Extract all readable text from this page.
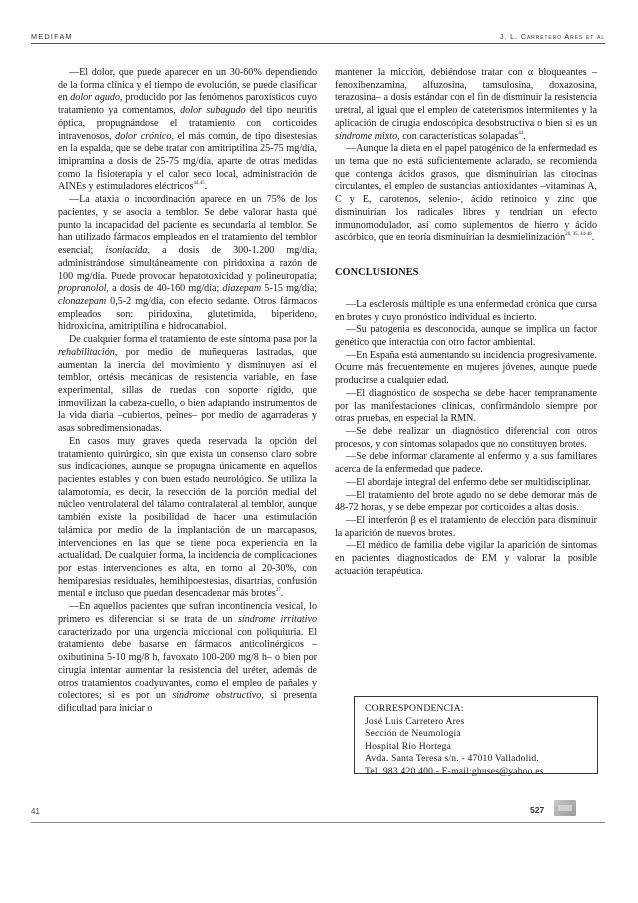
MEDIFAM	J. L. Carretero Ares et al

—El dolor, que puede aparecer en un 30-60% dependiendo de la forma clínica y el tiempo de evolución, se puede clasificar en dolor agudo, producido por las fenómenos paroxísticos cuyo tratamiento ya comentamos, dolor subagudo del tipo neuritis óptica, propugnándose el tratamiento con corticoides intravenosos, dolor crónico, el más común, de tipo disestesias en la espalda, que se debe tratar con amitriptilina 25-75 mg/día, imipramina a dosis de 25-75 mg/día, aparte de otras medidas como la fisioterapia y el calor seco local, administración de AINEs y estimuladores eléctricos$^{44,45}$.

—La ataxia o incoordinación aparece en un 75% de los pacientes, y se asocia a temblor. Se debe valorar hasta qué punto la incapacidad del paciente es secundaria al temblor. Se han utilizado fármacos empleados en el tratamiento del temblor esencial; isoniacida, a dosis de 300-1.200 mg/día, administrándose simultáneamente con piridoxina a razón de 100 mg/día. Puede provocar hepatotoxicidad y polineuropatía; propranolol, a dosis de 40-160 mg/día; diazepam 5-15 mg/día; clonazepam 0,5-2 mg/día, con efecto sedante. Otros fármacos empleados son: piridoxina, glutetimida, biperideno, hidroxicina, amitriptilina e hidrocanabiol.

De cualquier forma el tratamiento de este síntoma pasa por la rehabilitación, por medio de muñequeras lastradas, que aumentan la inercia del movimiento y disminuyen así el temblor, ortésis mecánicas de resistencia variable, en fase experimental, sillas de ruedas con soporte rígido, que inmovilizan la cabeza-cuello, o bien adaptando instrumentos de la vida diaria –cubiertos, peines– por medio de agarraderas y asas sobredimensionadas.

En casos muy graves queda reservada la opción del tratamiento quirúrgico, sin que exista un consenso claro sobre sus indicaciones, aunque se propugna únicamente en aquellos pacientes estables y con buen estado neurológico. Se utiliza la talamotomía, es decir, la resección de la porción medial del núcleo ventrolateral del tálamo contralateral al temblor, aunque también existe la posibilidad de hacer una estimulación talámica por medio de la implantación de un marcapasos, intervenciones en las que se tiene poca experiencia en la actualidad. De cualquier forma, la incidencia de complicaciones por estas intervenciones es alta, en torno al 20-30%, con hemiparesias residuales, hemihipoestesias, disartrias, confusión mental e incluso que puedan desencadenar más brotes$^{37}$.

—En aquellos pacientes que sufran incontinencia vesical, lo primero es diferenciar si se trata de un síndrome irritativo caracterizado por una urgencia miccional con poliquiuria. El tratamiento debe basarse en fármacos anticolinérgicos –oxibutinina 5-10 mg/8 h, favoxato 100-200 mg/8 h– o bien por cirugía intentar aumentar la resistencia del uréter, además de otros tratamientos coadyuvantes, como el empleo de pañales y colectores; si es por un síndrome obstructivo, si presenta dificultad para iniciar o

mantener la micción, debiéndose tratar con α bloqueantes –fenoxibenzamina, alfuzosina, tamsulosina, doxazosina, terazosina– a dosis estándar con el fin de disminuir la resistencia uretral, al igual que el empleo de cateterismos intermitentes y la aplicación de cirugía endoscópica desobstructiva o bien si es un síndrome mixto, con características solapadas$^{44}$.

—Aunque la dieta en el papel patogénico de la enfermedad es un tema que no está suficientemente aclarado, se recomienda que contenga ácidos grasos, que disminuirían las citocinas circulantes, el empleo de sustancias antioxidantes –vitaminas A, C y E, carotenos, selenio-, ácido retinoico y zinc que disminuirían los radicales libres y tendrían un efecto inmunomodulador, así como suplementos de hierro y ácido ascórbico, que en teoría disminuirían la desmielinización$^{26, 35, 44-46}$.

CONCLUSIONES

—La esclerosis múltiple es una enfermedad crónica que cursa en brotes y cuyo pronóstico individual es incierto.

—Su patogenia es desconocida, aunque se implica un factor genético que interactúa con otro factor ambiental.

—En España está aumentando su incidencia progresivamente. Ocurre más frecuentemente en mujeres jóvenes, aunque puede producirse a cualquier edad.

—El diagnóstico de sospecha se debe hacer tempranamente por las manifestaciones clínicas, confirmándolo siempre por otras pruebas, en especial la RMN.

—Se debe realizar un diagnóstico diferencial con otros procesos, y con síntomas solapados que no constituyen brotes.

—Se debe informar claramente al enfermo y a sus familiares acerca de la enfermedad que padece.

—El abordaje integral del enfermo debe ser multidisciplinar.

—El tratamiento del brote agudo no se debe demorar más de 48-72 horas, y se debe empezar por corticoides a altas dosis.

—El interferón β es el tratamiento de elección para disminuir la aparición de nuevos brotes.

—El médico de familia debe vigilar la aparición de síntomas en pacientes diagnosticados de EM y valorar la posible actuación terapéutica.

CORRESPONDENCIA:
José Luis Carretero Ares
Sección de Neumología
Hospital Río Hortega
Avda. Santa Teresa s/n. - 47010 Valladolid.
Tel. 983 420 400 - E-mail:ghuses@yahoo.es
41	527
